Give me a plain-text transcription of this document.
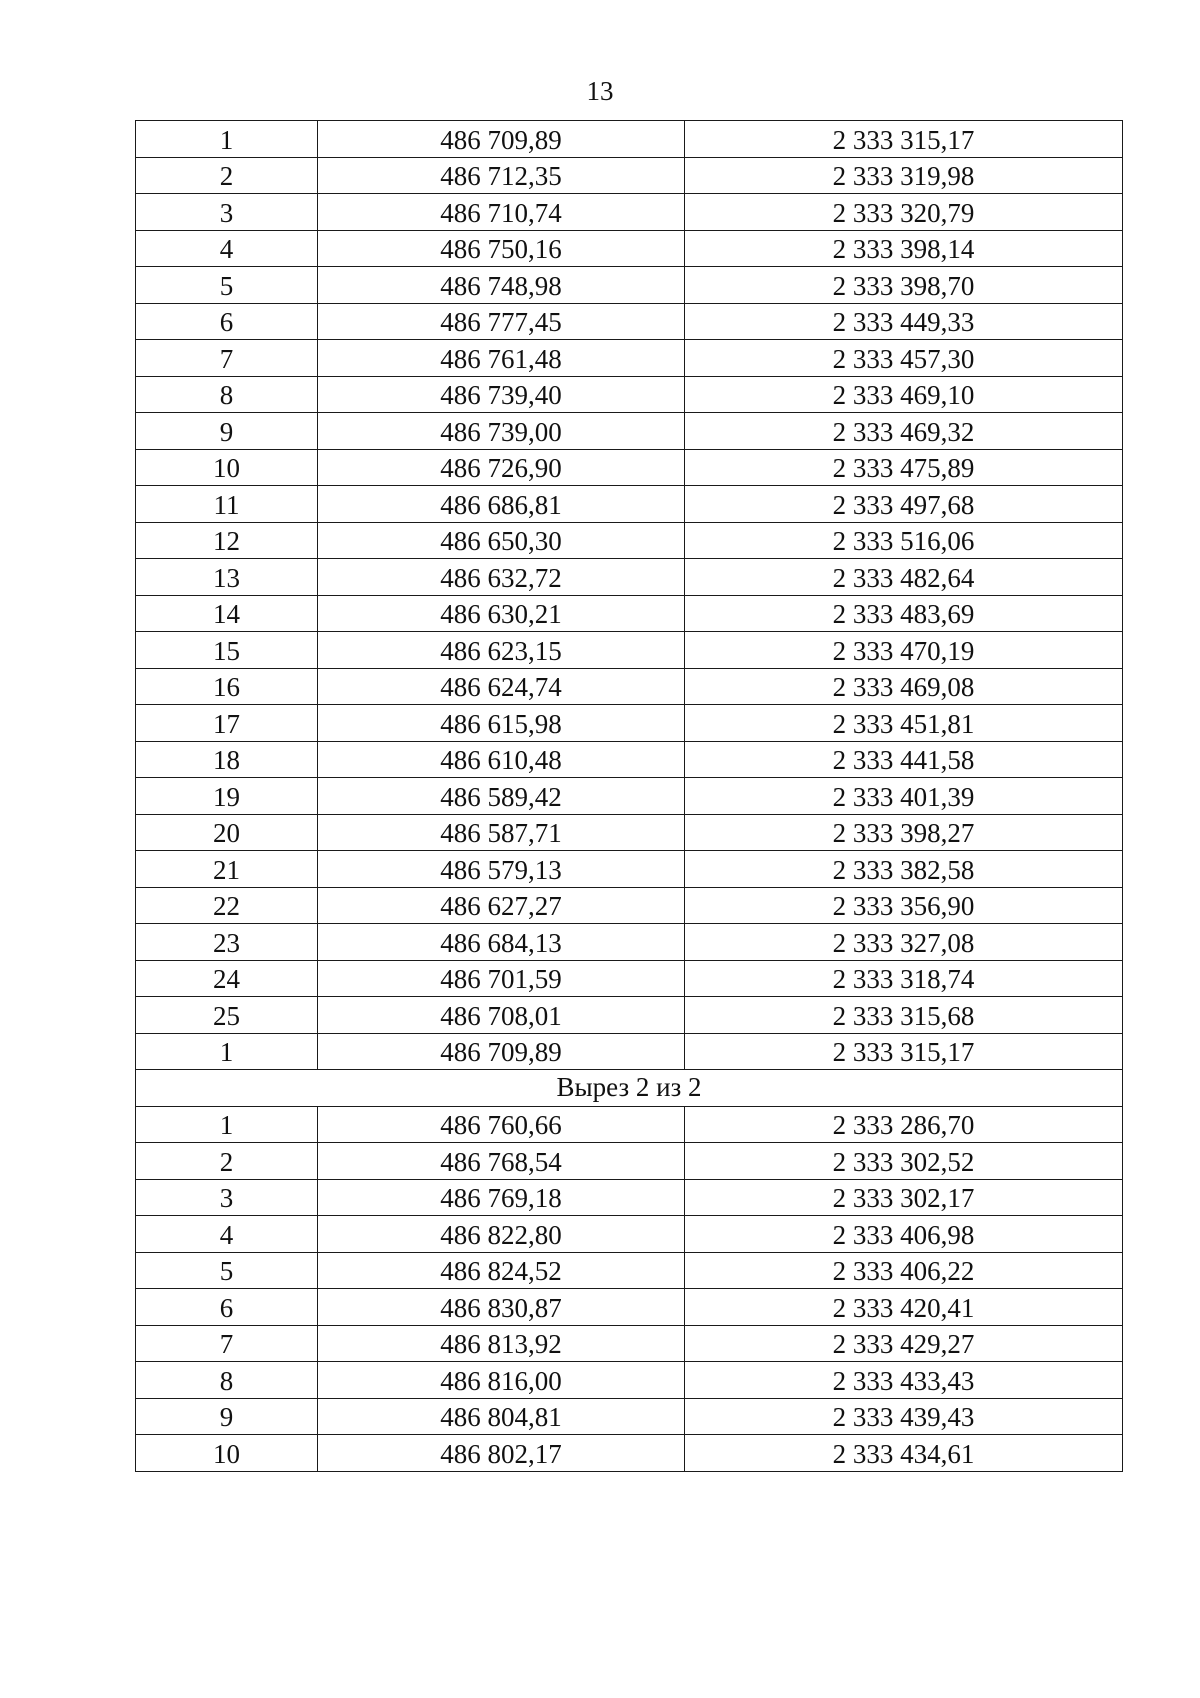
13
1	486 709,89	2 333 315,17
2	486 712,35	2 333 319,98
3	486 710,74	2 333 320,79
4	486 750,16	2 333 398,14
5	486 748,98	2 333 398,70
6	486 777,45	2 333 449,33
7	486 761,48	2 333 457,30
8	486 739,40	2 333 469,10
9	486 739,00	2 333 469,32
10	486 726,90	2 333 475,89
11	486 686,81	2 333 497,68
12	486 650,30	2 333 516,06
13	486 632,72	2 333 482,64
14	486 630,21	2 333 483,69
15	486 623,15	2 333 470,19
16	486 624,74	2 333 469,08
17	486 615,98	2 333 451,81
18	486 610,48	2 333 441,58
19	486 589,42	2 333 401,39
20	486 587,71	2 333 398,27
21	486 579,13	2 333 382,58
22	486 627,27	2 333 356,90
23	486 684,13	2 333 327,08
24	486 701,59	2 333 318,74
25	486 708,01	2 333 315,68
1	486 709,89	2 333 315,17
Вырез 2 из 2		
1	486 760,66	2 333 286,70
2	486 768,54	2 333 302,52
3	486 769,18	2 333 302,17
4	486 822,80	2 333 406,98
5	486 824,52	2 333 406,22
6	486 830,87	2 333 420,41
7	486 813,92	2 333 429,27
8	486 816,00	2 333 433,43
9	486 804,81	2 333 439,43
10	486 802,17	2 333 434,61
